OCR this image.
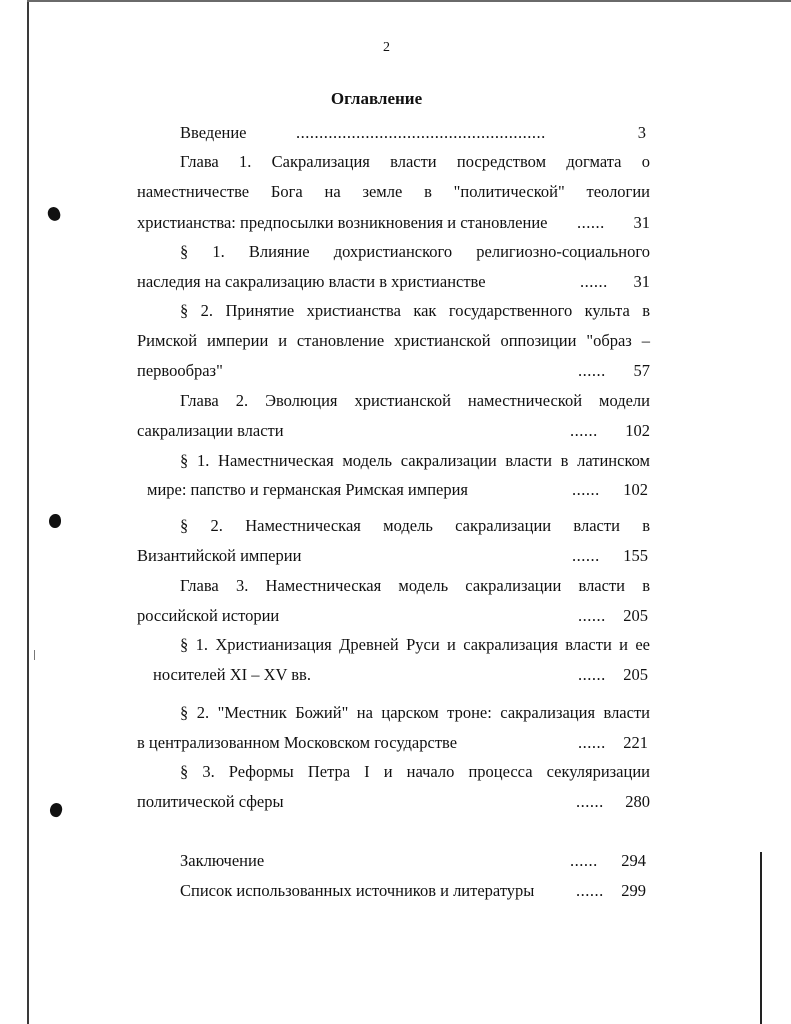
2
Оглавление
Введение	......................................................	3
Глава 1. Сакрализация власти посредством догмата о
наместничестве Бога на земле в "политической" теологии
христианства: предпосылки возникновения и становление ......	31
§ 1. Влияние дохристианского религиозно-социального
наследия на сакрализацию власти в христианстве	......	31
§ 2. Принятие христианства как государственного культа в
Римской империи и становление христианской оппозиции "образ –
первообраз"	......	57
Глава 2. Эволюция христианской наместнической модели
сакрализации власти	......	102
§ 1. Наместническая модель сакрализации власти в латинском
мире: папство и германская Римская империя	......	102
§ 2. Наместническая модель сакрализации власти в
Византийской империи	......	155
Глава 3. Наместническая модель сакрализации власти в
российской истории	......	205
§ 1. Христианизация Древней Руси и сакрализация власти и ее
носителей XI – XV вв.	......	205
§ 2. "Местник Божий" на царском троне: сакрализация власти
в централизованном Московском государстве	......	221
§ 3. Реформы Петра I и начало процесса секуляризации
политической сферы	......	280
Заключение	......	294
Список использованных источников и литературы	......	299
